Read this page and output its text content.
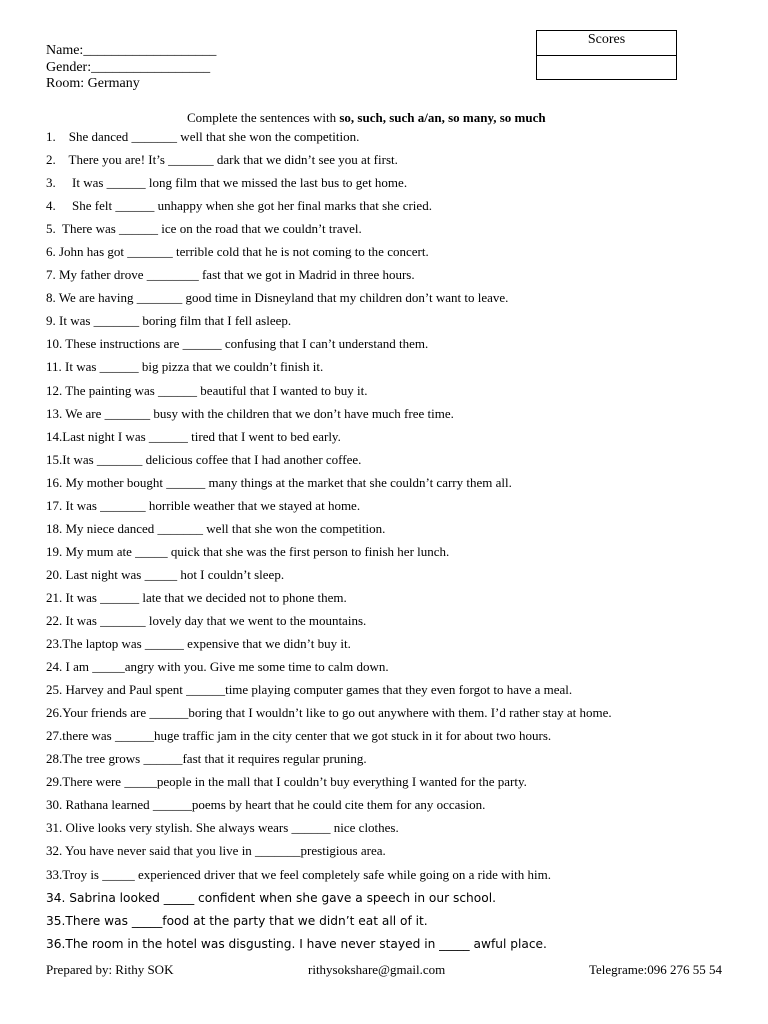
Name:___________________
Gender:_________________
Room: Germany
Scores
Complete the sentences with so, such, such a/an, so many, so much
1.    She danced _______ well that she won the competition.
2.    There you are! It’s _______ dark that we didn’t see you at first.
3.     It was ______ long film that we missed the last bus to get home.
4.     She felt ______ unhappy when she got her final marks that she cried.
5.  There was ______ ice on the road that we couldn’t travel.
6. John has got _______ terrible cold that he is not coming to the concert.
7. My father drove ________ fast that we got in Madrid in three hours.
8. We are having _______ good time in Disneyland that my children don’t want to leave.
9. It was _______ boring film that I fell asleep.
10. These instructions are ______ confusing that I can’t understand them.
11. It was ______ big pizza that we couldn’t finish it.
12. The painting was ______ beautiful that I wanted to buy it.
13. We are _______ busy with the children that we don’t have much free time.
14.Last night I was ______ tired that I went to bed early.
15.It was _______ delicious coffee that I had another coffee.
16. My mother bought ______ many things at the market that she couldn’t carry them all.
17. It was _______ horrible weather that we stayed at home.
18. My niece danced _______ well that she won the competition.
19. My mum ate _____ quick that she was the first person to finish her lunch.
20. Last night was _____ hot I couldn’t sleep.
21. It was ______ late that we decided not to phone them.
22. It was _______ lovely day that we went to the mountains.
23.The laptop was ______ expensive that we didn’t buy it.
24. I am _____angry with you. Give me some time to calm down.
25. Harvey and Paul spent ______time playing computer games that they even forgot to have a meal.
26.Your friends are ______boring that I wouldn’t like to go out anywhere with them. I’d rather stay at home.
27.there was ______huge traffic jam in the city center that we got stuck in it for about two hours.
28.The tree grows ______fast that it requires regular pruning.
29.There were _____people in the mall that I couldn’t buy everything I wanted for the party.
30. Rathana learned ______poems by heart that he could cite them for any occasion.
31. Olive looks very stylish. She always wears ______ nice clothes.
32. You have never said that you live in _______prestigious area.
33.Troy is _____ experienced driver that we feel completely safe while going on a ride with him.
34. Sabrina looked _____ confident when she gave a speech in our school.
35.There was _____food at the party that we didn’t eat all of it.
36.The room in the hotel was disgusting. I have never stayed in _____ awful place.
Prepared by: Rithy SOK	rithysokshare@gmail.com	Telegrame:096 276 55 54
